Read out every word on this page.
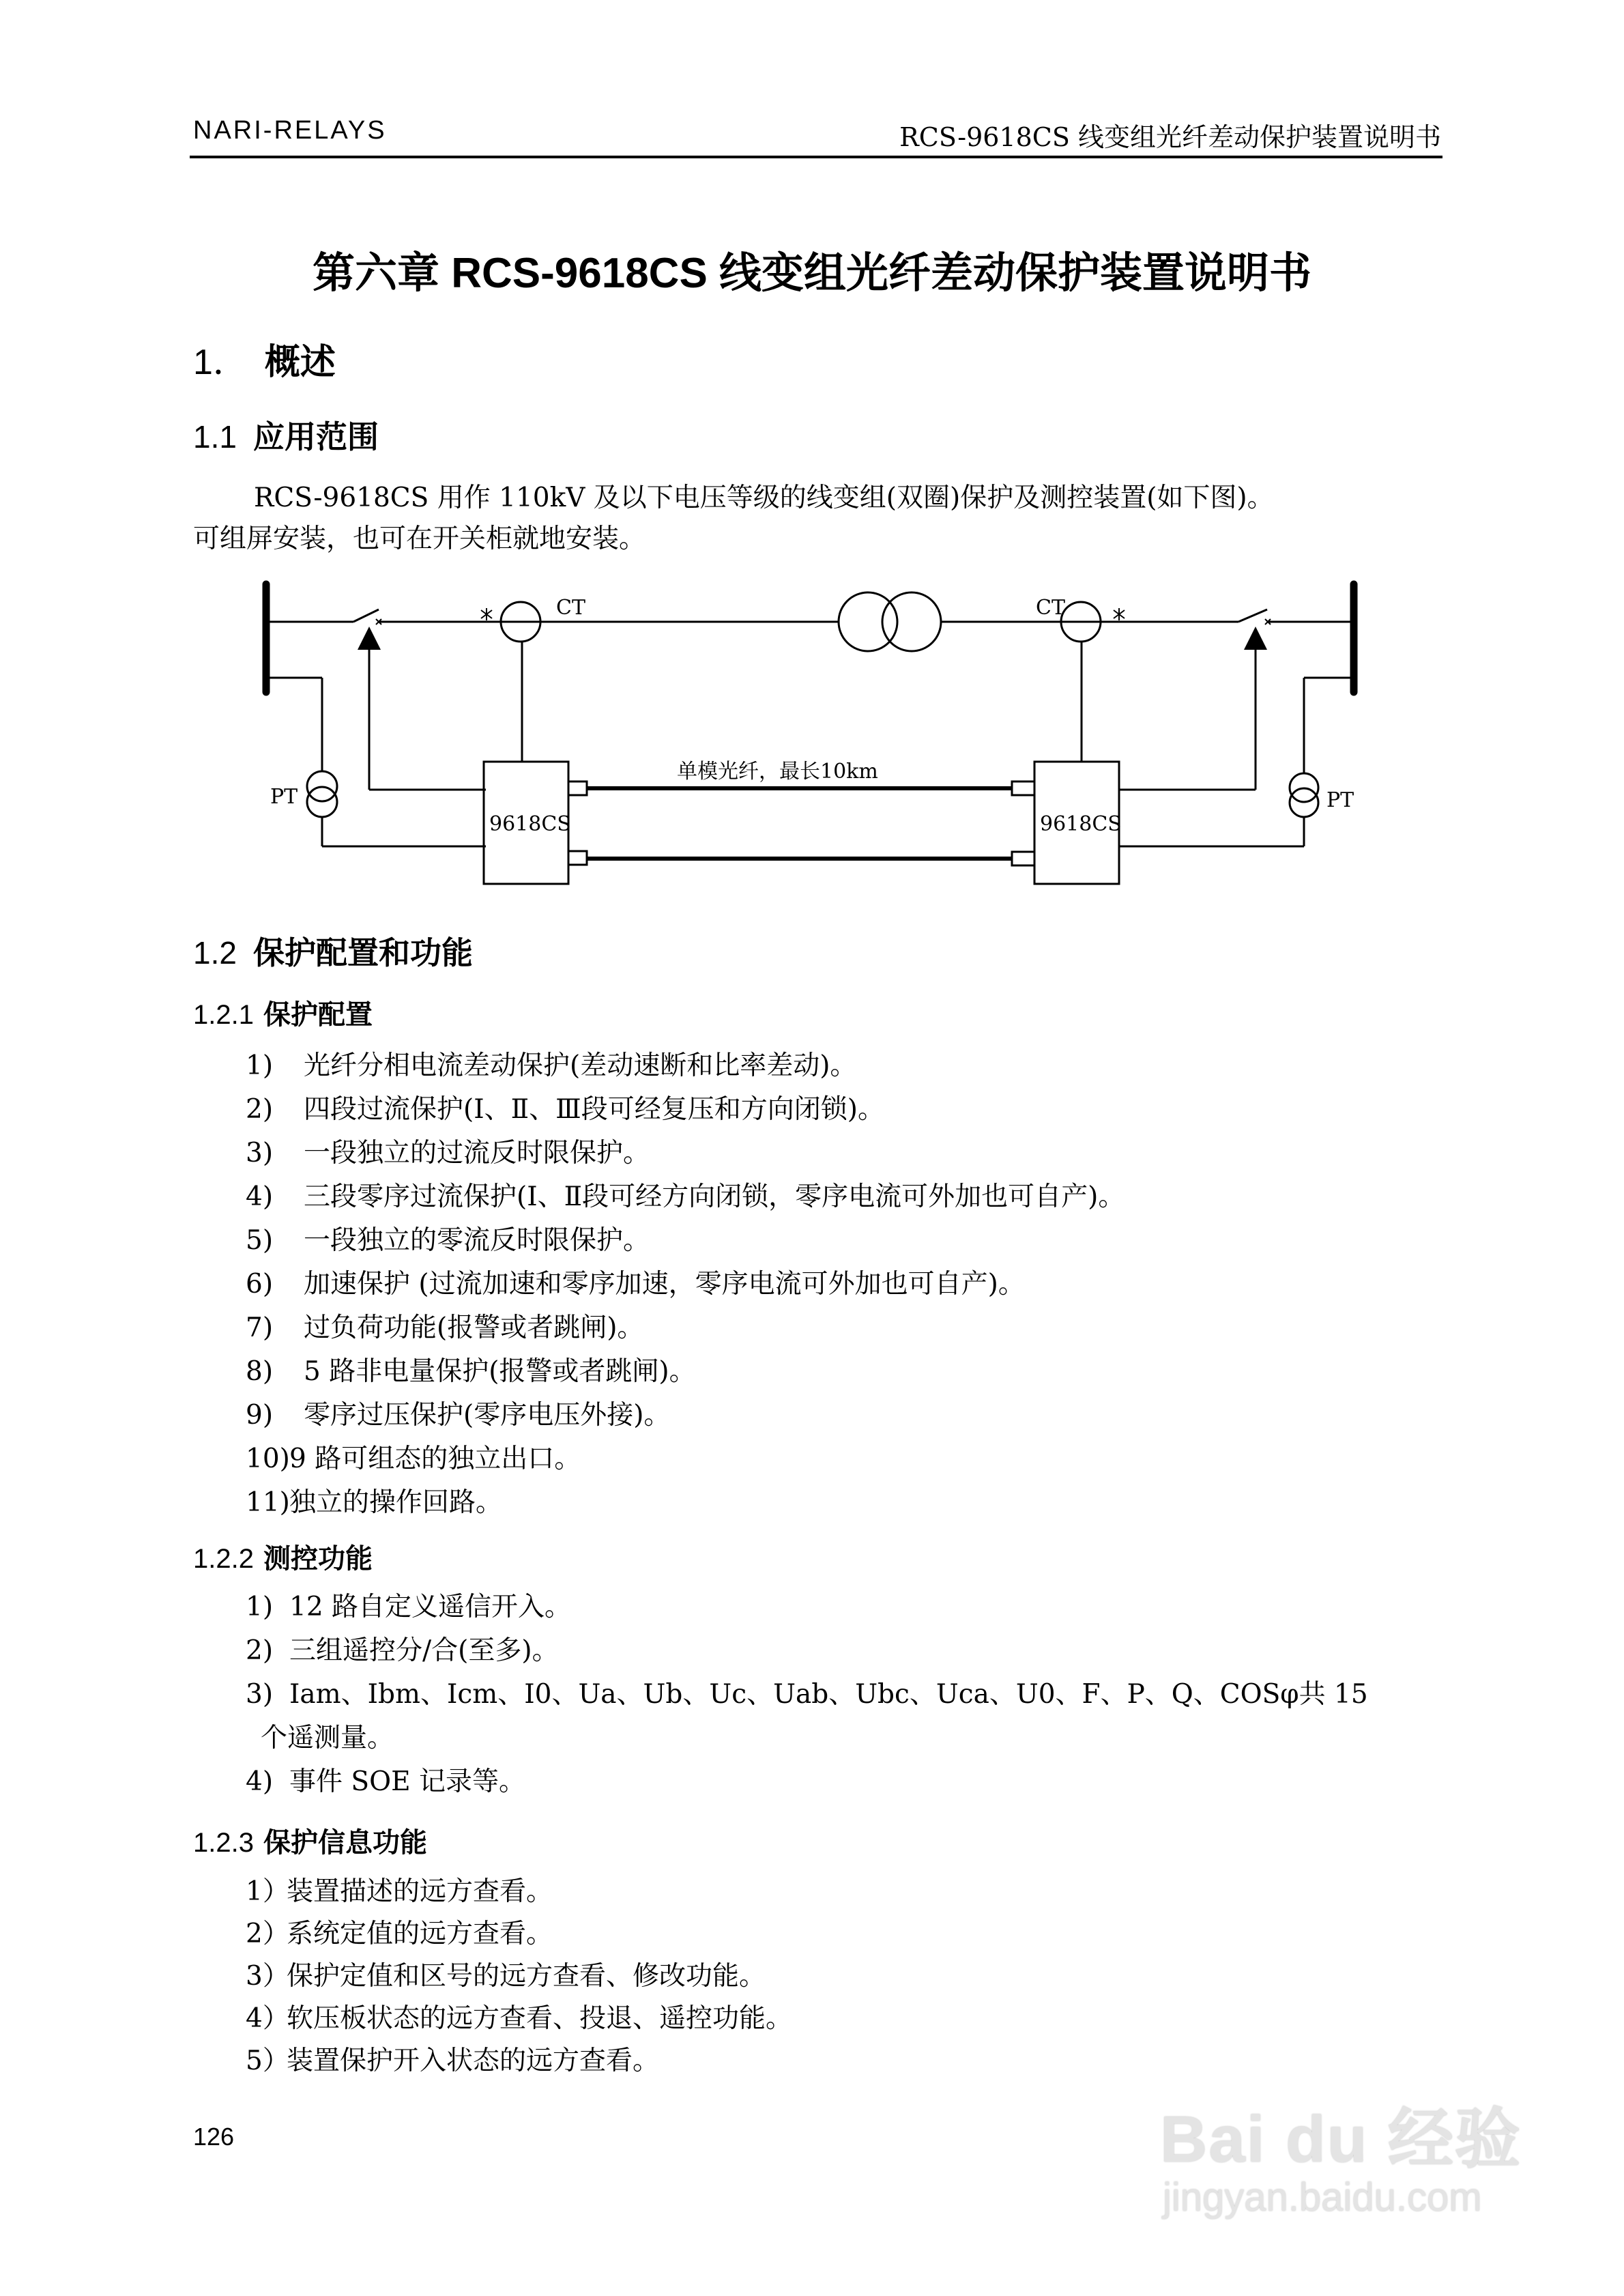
NARI-RELAYS	RCS-9618CS 线变组光纤差动保护装置说明书
第六章 RCS-9618CS 线变组光纤差动保护装置说明书
1． 概述
1.1 应用范围
RCS-9618CS 用作 110kV 及以下电压等级的线变组(双圈)保护及测控装置(如下图)。
可组屏安装，也可在开关柜就地安装。
CT	CT
PT	PT
9618CS	9618CS
单模光纤，最长10km
1.2 保护配置和功能
1.2.1 保护配置
1) 光纤分相电流差动保护(差动速断和比率差动)。
2) 四段过流保护(Ⅰ、Ⅱ、Ⅲ段可经复压和方向闭锁)。
3) 一段独立的过流反时限保护。
4) 三段零序过流保护(Ⅰ、Ⅱ段可经方向闭锁，零序电流可外加也可自产)。
5) 一段独立的零流反时限保护。
6) 加速保护 (过流加速和零序加速，零序电流可外加也可自产)。
7) 过负荷功能(报警或者跳闸)。
8) 5 路非电量保护(报警或者跳闸)。
9) 零序过压保护(零序电压外接)。
10)9 路可组态的独立出口。
11)独立的操作回路。
1.2.2 测控功能
1) 12 路自定义遥信开入。
2) 三组遥控分/合(至多)。
3) Iam、Ibm、Icm、I0、Ua、Ub、Uc、Uab、Ubc、Uca、U0、F、P、Q、COSφ共 15
个遥测量。
4) 事件 SOE 记录等。
1.2.3 保护信息功能
1）装置描述的远方查看。
2）系统定值的远方查看。
3）保护定值和区号的远方查看、修改功能。
4）软压板状态的远方查看、投退、遥控功能。
5）装置保护开入状态的远方查看。
126	Bai du 经验
jingyan.baidu.com
